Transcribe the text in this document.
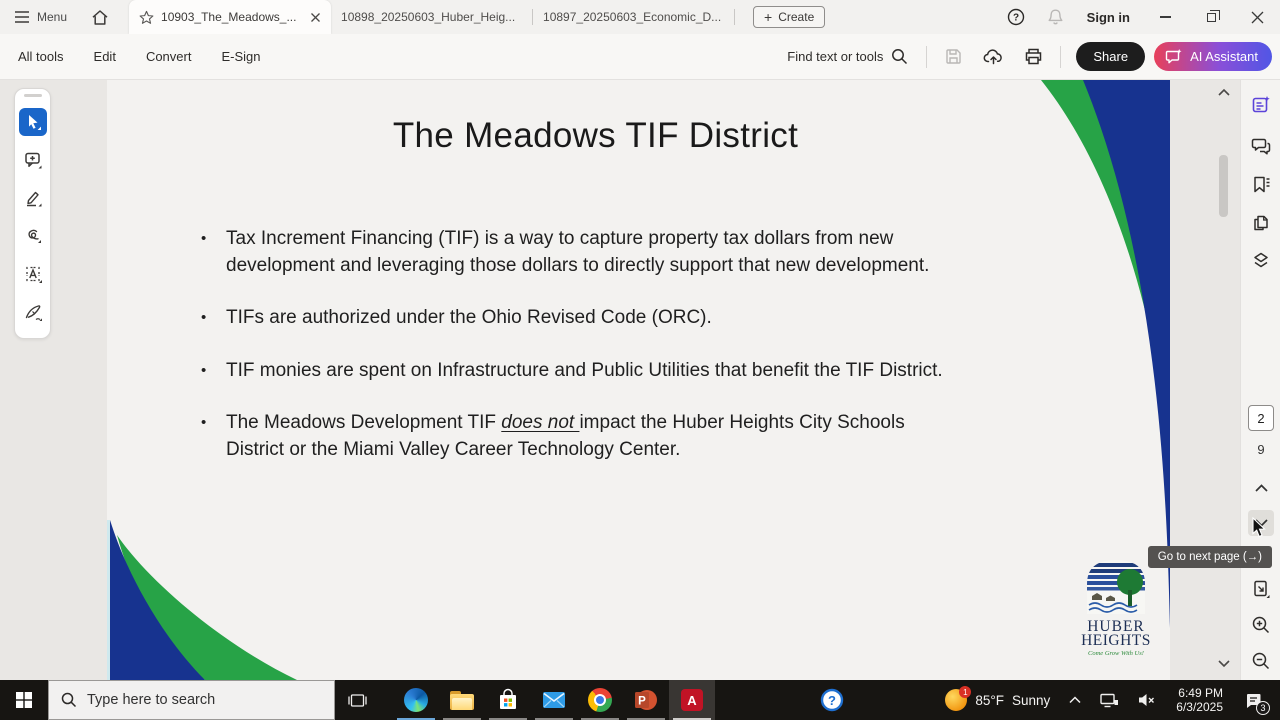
Menu	10903_The_Meadows_...	10898_20250603_Huber_Heig...	10897_20250603_Economic_D...	+ Create	?	Sign in
All tools	Edit	Convert	E-Sign	Find text or tools	Share	AI Assistant
The Meadows TIF District
• Tax Increment Financing (TIF) is a way to capture property tax dollars from new development and leveraging those dollars to directly support that new development.
• TIFs are authorized under the Ohio Revised Code (ORC).
• TIF monies are spent on Infrastructure and Public Utilities that benefit the TIF District.
• The Meadows Development TIF does not impact the Huber Heights City Schools District or the Miami Valley Career Technology Center.
HUBER
HEIGHTS
Come Grow With Us!
2
9
Go to next page (→)
Type here to search
P	A	?
1
85°F Sunny	6:49 PM
6/3/2025	3
